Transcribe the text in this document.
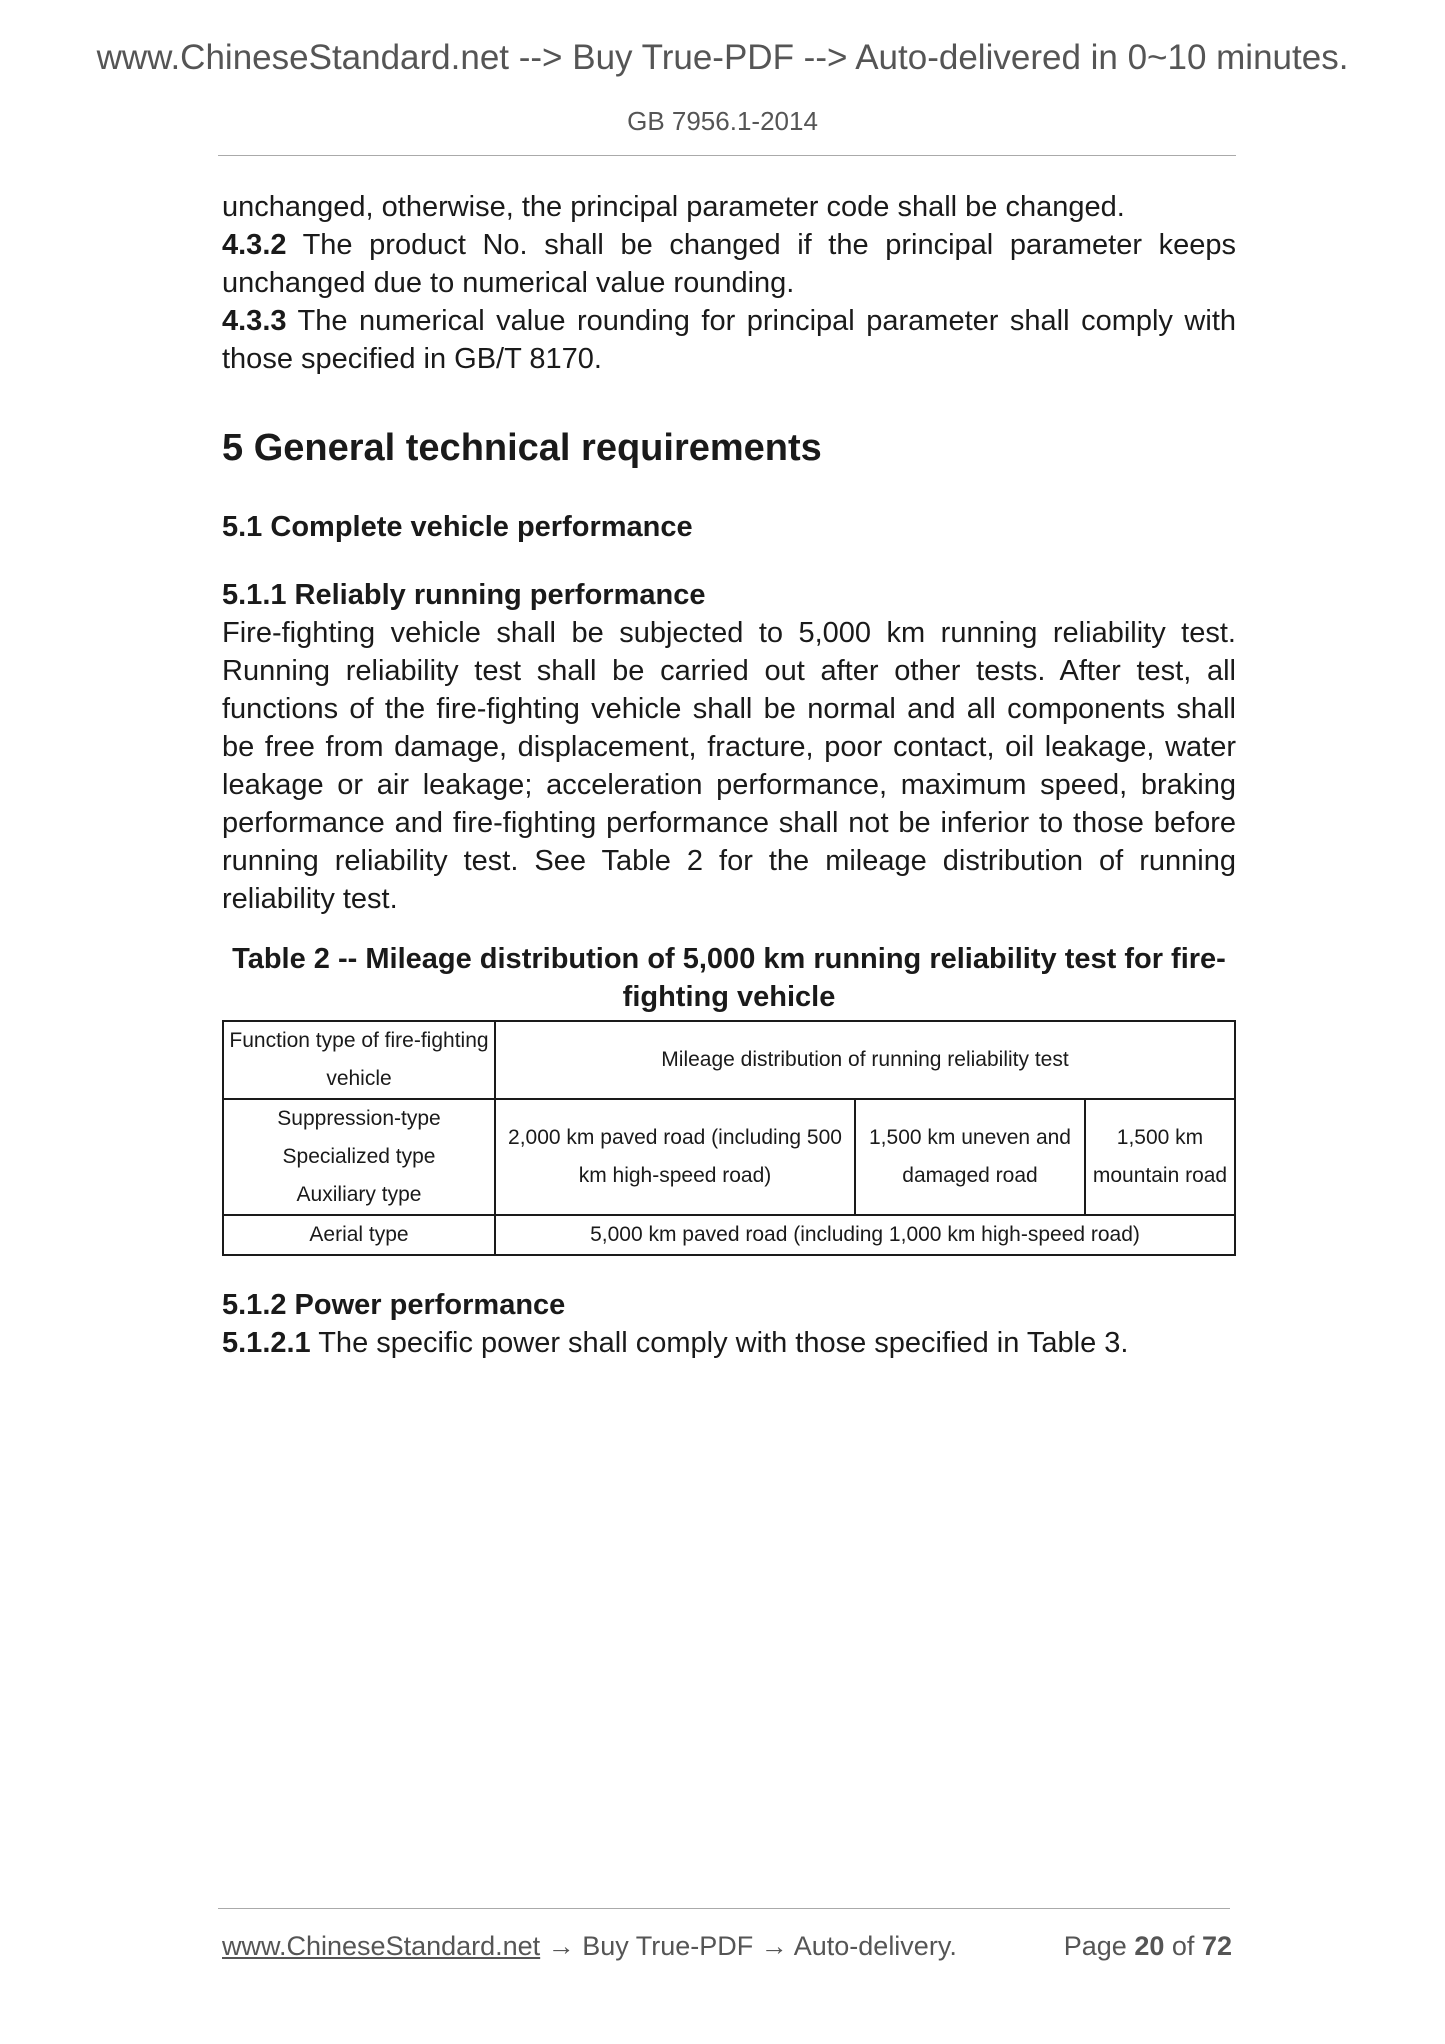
www.ChineseStandard.net --> Buy True-PDF --> Auto-delivered in 0~10 minutes.
GB 7956.1-2014

unchanged, otherwise, the principal parameter code shall be changed.

4.3.2 The product No. shall be changed if the principal parameter keeps unchanged due to numerical value rounding.

4.3.3 The numerical value rounding for principal parameter shall comply with those specified in GB/T 8170.

5 General technical requirements
5.1 Complete vehicle performance
5.1.1 Reliably running performance

Fire-fighting vehicle shall be subjected to 5,000 km running reliability test. Running reliability test shall be carried out after other tests. After test, all functions of the fire-fighting vehicle shall be normal and all components shall be free from damage, displacement, fracture, poor contact, oil leakage, water leakage or air leakage; acceleration performance, maximum speed, braking performance and fire-fighting performance shall not be inferior to those before running reliability test. See Table 2 for the mileage distribution of running reliability test.

Table 2 -- Mileage distribution of 5,000 km running reliability test for fire-fighting vehicle
Function type of fire-fighting vehicle	Mileage distribution of running reliability test		

Suppression-type
Specialized type
Auxiliary type	2,000 km paved road (including 500 km high-speed road)	1,500 km uneven and damaged road	1,500 km mountain road
Aerial type	5,000 km paved road (including 1,000 km high-speed road)		
5.1.2 Power performance

5.1.2.1 The specific power shall comply with those specified in Table 3.

www.ChineseStandard.net → Buy True-PDF → Auto-delivery.	Page 20 of 72
